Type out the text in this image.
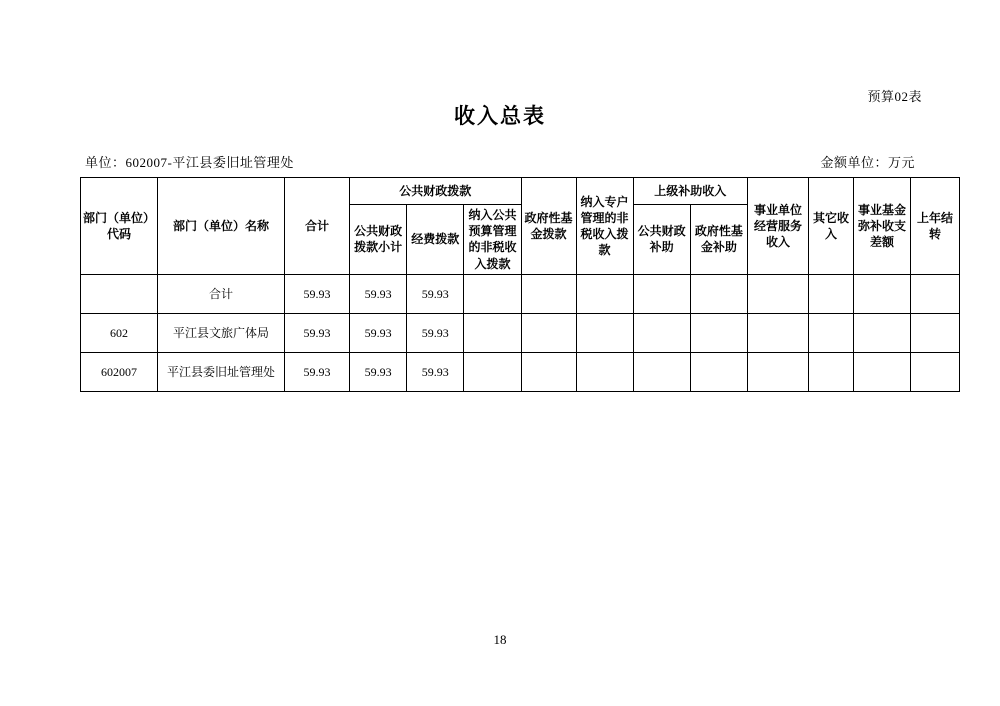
预算02表
收入总表
单位：602007-平江县委旧址管理处	金额单位：万元
部门（单位）代码	部门（单位）名称	合计	公共财政拨款			政府性基金拨款	纳入专户管理的非税收入拨款	上级补助收入		事业单位经营服务收入	其它收入	事业基金弥补收支差额	上年结转
			公共财政拨款小计	经费拨款	纳入公共预算管理的非税收入拨款			公共财政补助	政府性基金补助				

	合计	59.93	59.93	59.93									
602	平江县文旅广体局	59.93	59.93	59.93									
602007	平江县委旧址管理处	59.93	59.93	59.93									
18
